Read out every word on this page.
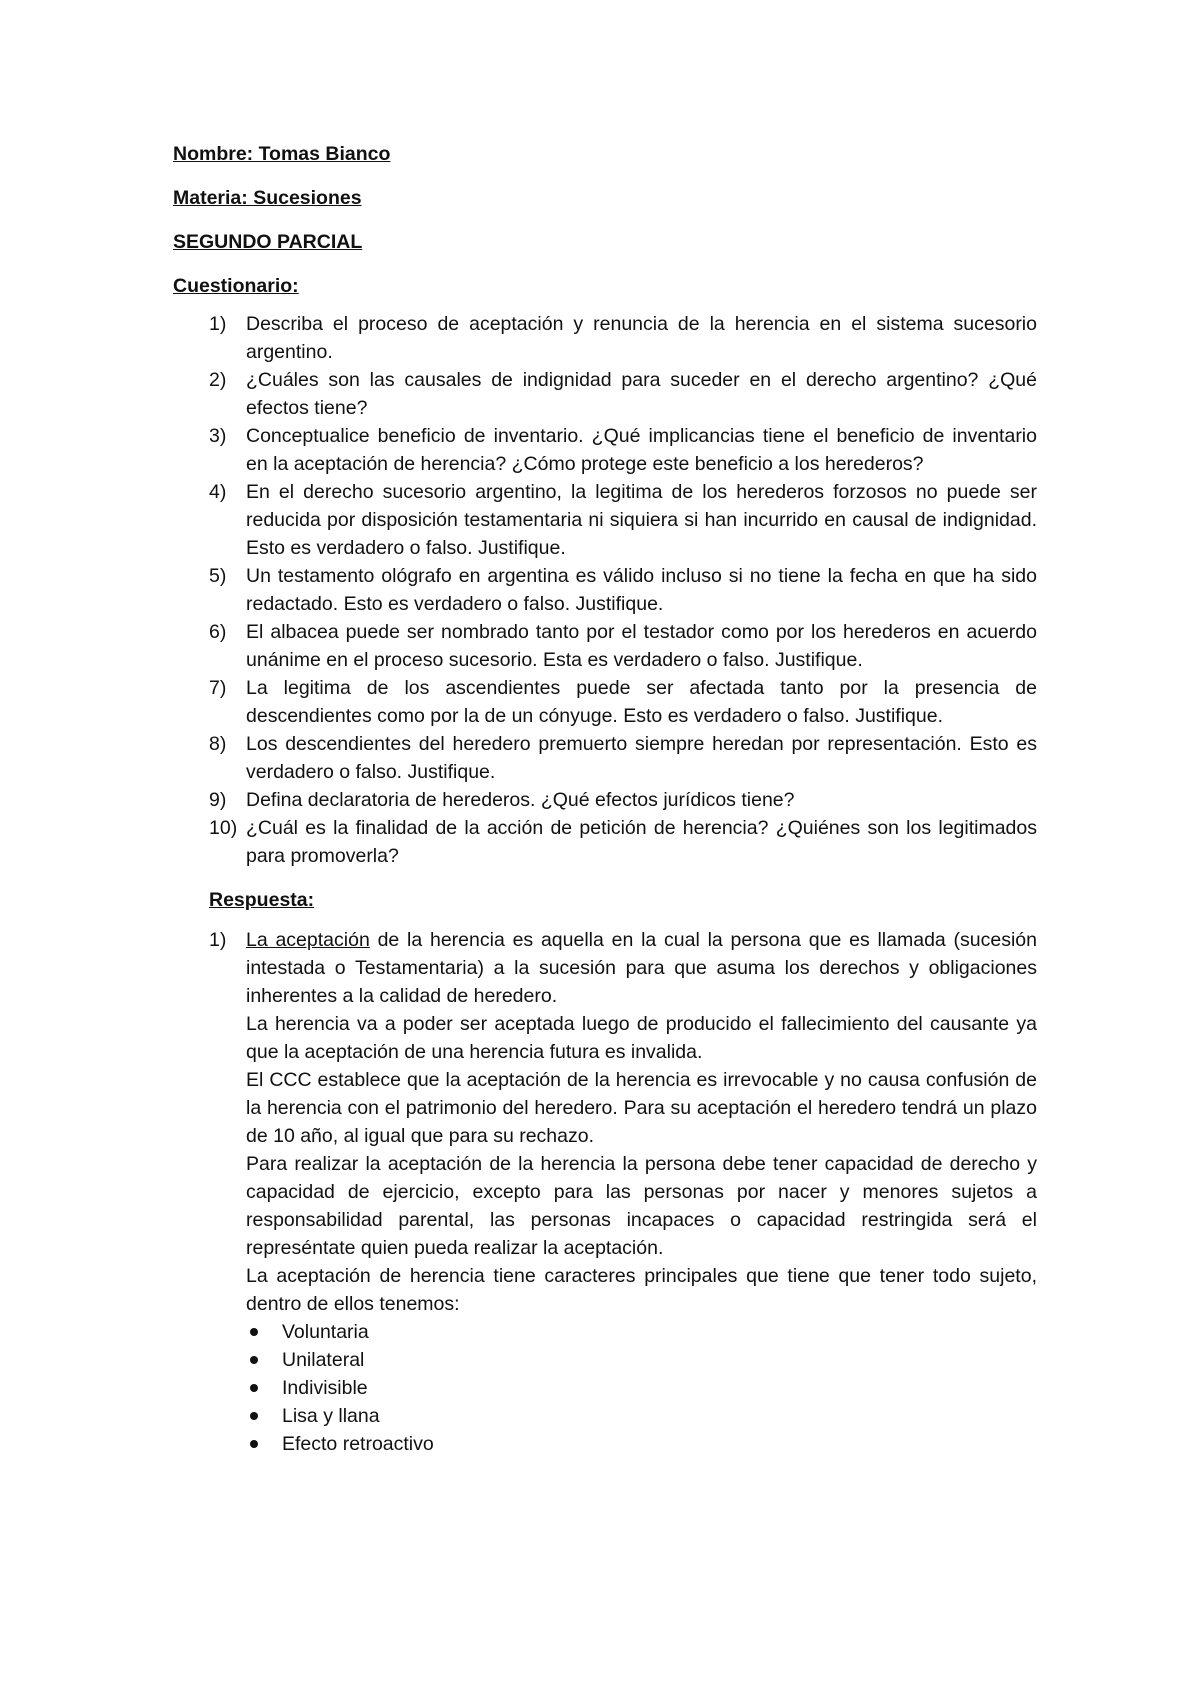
Nombre: Tomas Bianco
Materia: Sucesiones
SEGUNDO PARCIAL
Cuestionario:
1) Describa el proceso de aceptación y renuncia de la herencia en el sistema sucesorio argentino.
2) ¿Cuáles son las causales de indignidad para suceder en el derecho argentino? ¿Qué efectos tiene?
3) Conceptualice beneficio de inventario. ¿Qué implicancias tiene el beneficio de inventario en la aceptación de herencia? ¿Cómo protege este beneficio a los herederos?
4) En el derecho sucesorio argentino, la legitima de los herederos forzosos no puede ser reducida por disposición testamentaria ni siquiera si han incurrido en causal de indignidad. Esto es verdadero o falso. Justifique.
5) Un testamento ológrafo en argentina es válido incluso si no tiene la fecha en que ha sido redactado. Esto es verdadero o falso. Justifique.
6) El albacea puede ser nombrado tanto por el testador como por los herederos en acuerdo unánime en el proceso sucesorio. Esta es verdadero o falso. Justifique.
7) La legitima de los ascendientes puede ser afectada tanto por la presencia de descendientes como por la de un cónyuge. Esto es verdadero o falso. Justifique.
8) Los descendientes del heredero premuerto siempre heredan por representación. Esto es verdadero o falso. Justifique.
9) Defina declaratoria de herederos. ¿Qué efectos jurídicos tiene?
10) ¿Cuál es la finalidad de la acción de petición de herencia? ¿Quiénes son los legitimados para promoverla?
Respuesta:
1) La aceptación de la herencia es aquella en la cual la persona que es llamada (sucesión intestada o Testamentaria) a la sucesión para que asuma los derechos y obligaciones inherentes a la calidad de heredero.

La herencia va a poder ser aceptada luego de producido el fallecimiento del causante ya que la aceptación de una herencia futura es invalida.

El CCC establece que la aceptación de la herencia es irrevocable y no causa confusión de la herencia con el patrimonio del heredero. Para su aceptación el heredero tendrá un plazo de 10 año, al igual que para su rechazo.

Para realizar la aceptación de la herencia la persona debe tener capacidad de derecho y capacidad de ejercicio, excepto para las personas por nacer y menores sujetos a responsabilidad parental, las personas incapaces o capacidad restringida será el represéntate quien pueda realizar la aceptación.

La aceptación de herencia tiene caracteres principales que tiene que tener todo sujeto, dentro de ellos tenemos:

Voluntaria
Unilateral
Indivisible
Lisa y llana
Efecto retroactivo
